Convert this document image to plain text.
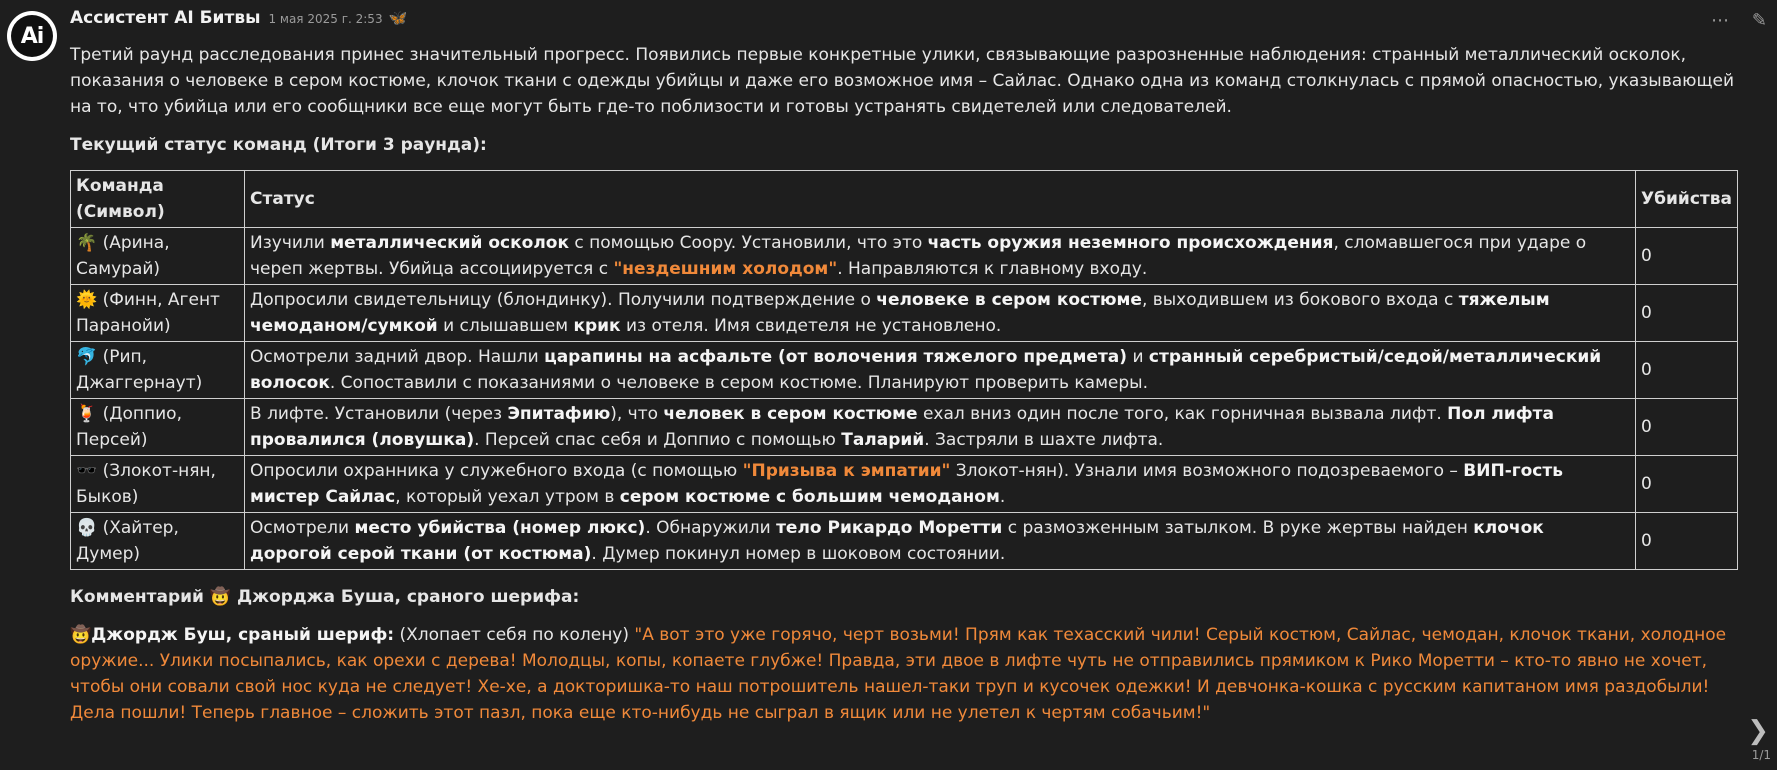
Ai
Ассистент AI Битвы 1 мая 2025 г. 2:53 🦋

Третий раунд расследования принес значительный прогресс. Появились первые конкретные улики, связывающие разрозненные наблюдения: странный металлический осколок, показания о человеке в сером костюме, клочок ткани с одежды убийцы и даже его возможное имя – Сайлас. Однако одна из команд столкнулась с прямой опасностью, указывающей на то, что убийца или его сообщники все еще могут быть где-то поблизости и готовы устранять свидетелей или следователей.

Текущий статус команд (Итоги 3 раунда):

Команда (Символ)	Статус	Убийства
🌴 (Арина, Самурай)	Изучили металлический осколок с помощью Coopy. Установили, что это часть оружия неземного происхождения, сломавшегося при ударе о череп жертвы. Убийца ассоциируется с "нездешним холодом". Направляются к главному входу.	0
🌞 (Финн, Агент Паранойи)	Допросили свидетельницу (блондинку). Получили подтверждение о человеке в сером костюме, выходившем из бокового входа с тяжелым чемоданом/сумкой и слышавшем крик из отеля. Имя свидетеля не установлено.	0
🐬 (Рип, Джаггернаут)	Осмотрели задний двор. Нашли царапины на асфальте (от волочения тяжелого предмета) и странный серебристый/седой/металлический волосок. Сопоставили с показаниями о человеке в сером костюме. Планируют проверить камеры.	0
🍹 (Доппио, Персей)	В лифте. Установили (через Эпитафию), что человек в сером костюме ехал вниз один после того, как горничная вызвала лифт. Пол лифта провалился (ловушка). Персей спас себя и Доппио с помощью Таларий. Застряли в шахте лифта.	0
🕶️ (Злокот-нян, Быков)	Опросили охранника у служебного входа (с помощью "Призыва к эмпатии" Злокот-нян). Узнали имя возможного подозреваемого – ВИП-гость мистер Сайлас, который уехал утром в сером костюме с большим чемоданом.	0
💀 (Хайтер, Думер)	Осмотрели место убийства (номер люкс). Обнаружили тело Рикардо Моретти с размозженным затылком. В руке жертвы найден клочок дорогой серой ткани (от костюма). Думер покинул номер в шоковом состоянии.	0

Комментарий 🤠 Джорджа Буша, сраного шерифа:

🤠Джордж Буш, сраный шериф: (Хлопает себя по колену) "А вот это уже горячо, черт возьми! Прям как техасский чили! Серый костюм, Сайлас, чемодан, клочок ткани, холодное оружие... Улики посыпались, как орехи с дерева! Молодцы, копы, копаете глубже! Правда, эти двое в лифте чуть не отправились прямиком к Рико Моретти – кто-то явно не хочет, чтобы они совали свой нос куда не следует! Хе-хе, а докторишка-то наш потрошитель нашел-таки труп и кусочек одежки! И девчонка-кошка с русским капитаном имя раздобыли! Дела пошли! Теперь главное – сложить этот пазл, пока еще кто-нибудь не сыграл в ящик или не улетел к чертям собачьим!"

⋯ ✎
❯
1/1
